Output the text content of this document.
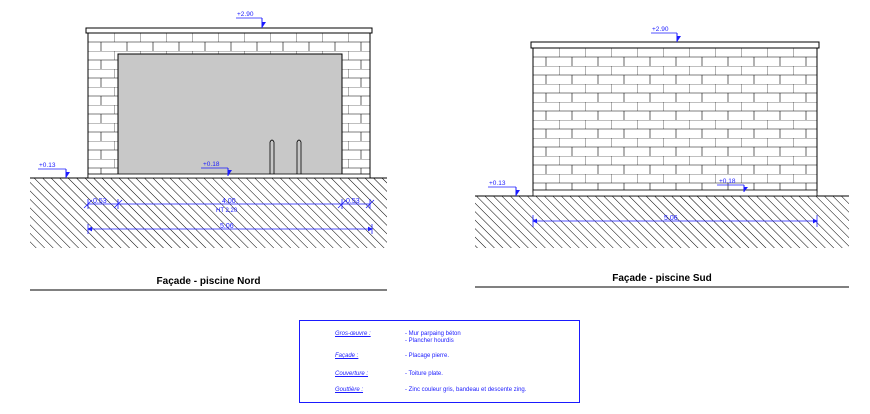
+2.90
+0.13	+0.18
0.53	4.00
HT 2.20
0.53
5.06
+2.90
+0.13	+0.18
5.06
Façade - piscine Nord	Façade - piscine Sud
Gros-œuvre :	- Mur parpaing béton
- Plancher hourdis
Façade :	- Placage pierre.
Couverture :	- Toiture plate.
Gouttière :	- Zinc couleur gris, bandeau et descente zing.
